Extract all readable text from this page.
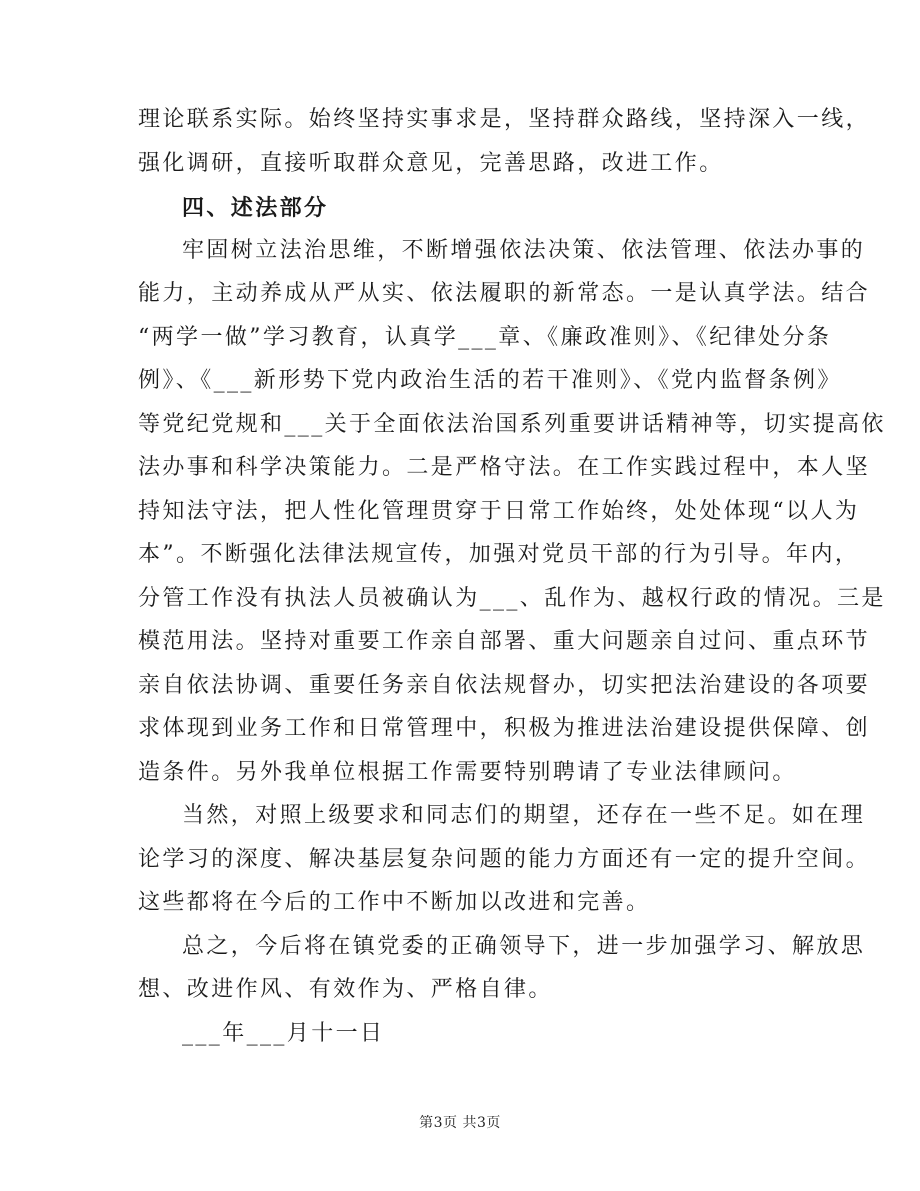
理论联系实际。始终坚持实事求是，坚持群众路线，坚持深入一线，
强化调研，直接听取群众意见，完善思路，改进工作。
四、述法部分
牢固树立法治思维，不断增强依法决策、依法管理、依法办事的
能力，主动养成从严从实、依法履职的新常态。一是认真学法。结合
“两学一做”学习教育，认真学___章、《廉政准则》、《纪律处分条
例》、《___新形势下党内政治生活的若干准则》、《党内监督条例》
等党纪党规和___关于全面依法治国系列重要讲话精神等，切实提高依
法办事和科学决策能力。二是严格守法。在工作实践过程中，本人坚
持知法守法，把人性化管理贯穿于日常工作始终，处处体现“以人为
本”。不断强化法律法规宣传，加强对党员干部的行为引导。年内，
分管工作没有执法人员被确认为___、乱作为、越权行政的情况。三是
模范用法。坚持对重要工作亲自部署、重大问题亲自过问、重点环节
亲自依法协调、重要任务亲自依法规督办，切实把法治建设的各项要
求体现到业务工作和日常管理中，积极为推进法治建设提供保障、创
造条件。另外我单位根据工作需要特别聘请了专业法律顾问。
当然，对照上级要求和同志们的期望，还存在一些不足。如在理
论学习的深度、解决基层复杂问题的能力方面还有一定的提升空间。
这些都将在今后的工作中不断加以改进和完善。
总之，今后将在镇党委的正确领导下，进一步加强学习、解放思
想、改进作风、有效作为、严格自律。
___年___月十一日
第3页 共3页
